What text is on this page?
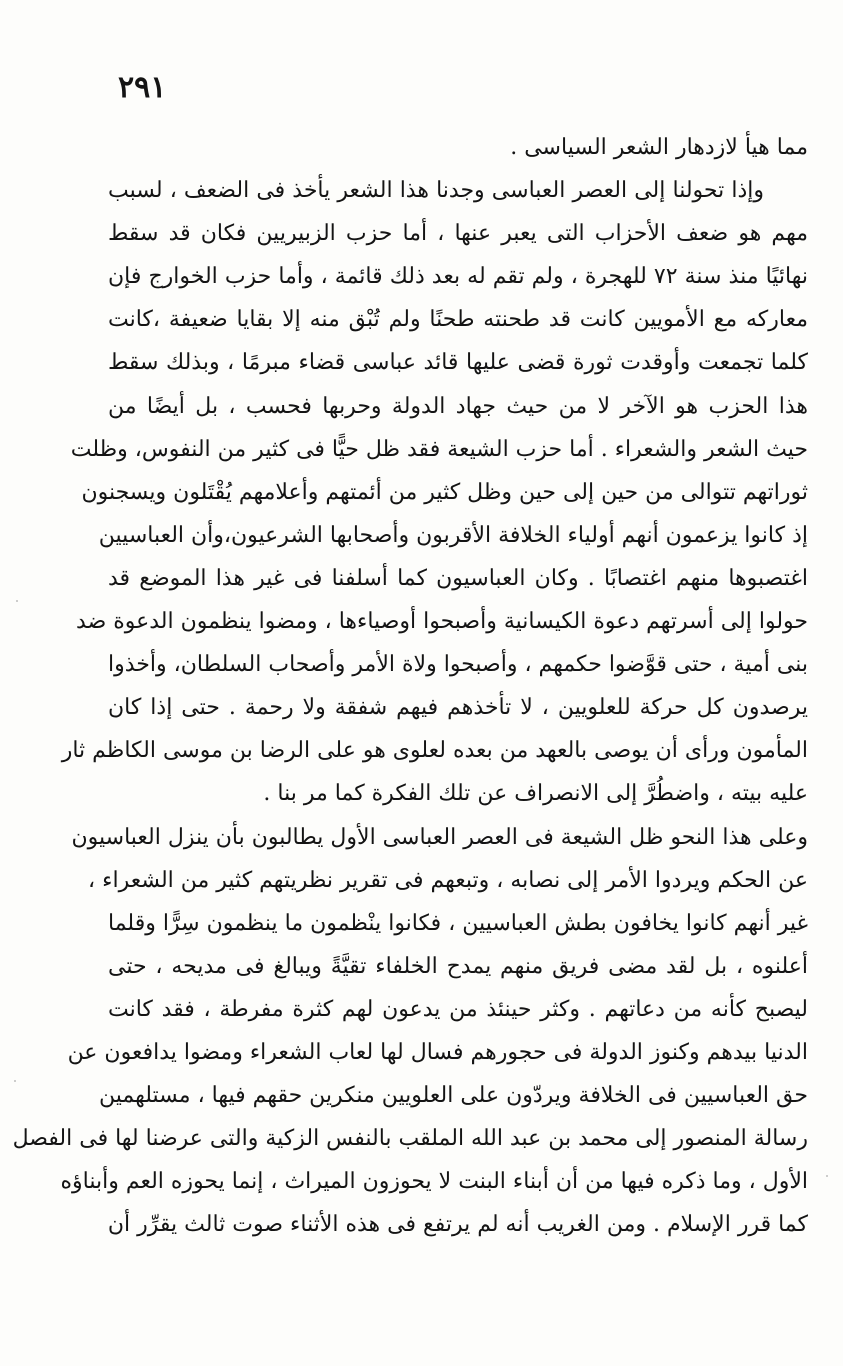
٢٩١
مما هيأ لازدهار الشعر السياسى .
وإذا تحولنا إلى العصر العباسى وجدنا هذا الشعر يأخذ فى الضعف ، لسبب
مهم هو ضعف الأحزاب التى يعبر عنها ، أما حزب الزبيريين فكان قد سقط
نهائيًا منذ سنة ٧٢ للهجرة ، ولم تقم له بعد ذلك قائمة ، وأما حزب الخوارج فإن
معاركه مع الأمويين كانت قد طحنته طحنًا ولم تُبْق منه إلا بقايا ضعيفة ،كانت
كلما تجمعت وأوقدت ثورة قضى عليها قائد عباسى قضاء مبرمًا ، وبذلك سقط
هذا الحزب هو الآخر لا من حيث جهاد الدولة وحربها فحسب ، بل أيضًا من
حيث الشعر والشعراء . أما حزب الشيعة فقد ظل حيًّا فى كثير من النفوس، وظلت
ثوراتهم تتوالى من حين إلى حين وظل كثير من أئمتهم وأعلامهم يُقْتَلون ويسجنون
إذ كانوا يزعمون أنهم أولياء الخلافة الأقربون وأصحابها الشرعيون،وأن العباسيين
اغتصبوها منهم اغتصابًا . وكان العباسيون كما أسلفنا فى غير هذا الموضع قد
حولوا إلى أسرتهم دعوة الكيسانية وأصبحوا أوصياءها ، ومضوا ينظمون الدعوة ضد
بنى أمية ، حتى قوَّضوا حكمهم ، وأصبحوا ولاة الأمر وأصحاب السلطان، وأخذوا
يرصدون كل حركة للعلويين ، لا تأخذهم فيهم شفقة ولا رحمة . حتى إذا كان
المأمون ورأى أن يوصى بالعهد من بعده لعلوى هو على الرضا بن موسى الكاظم ثار
عليه بيته ، واضطُرَّ إلى الانصراف عن تلك الفكرة كما مر بنا .
وعلى هذا النحو ظل الشيعة فى العصر العباسى الأول يطالبون بأن ينزل العباسيون
عن الحكم ويردوا الأمر إلى نصابه ، وتبعهم فى تقرير نظريتهم كثير من الشعراء ،
غير أنهم كانوا يخافون بطش العباسيين ، فكانوا ينْظمون ما ينظمون سِرًّا وقلما
أعلنوه ، بل لقد مضى فريق منهم يمدح الخلفاء تقيَّةً ويبالغ فى مديحه ، حتى
ليصبح كأنه من دعاتهم . وكثر حينئذ من يدعون لهم كثرة مفرطة ، فقد كانت
الدنيا بيدهم وكنوز الدولة فى حجورهم فسال لها لعاب الشعراء ومضوا يدافعون عن
حق العباسيين فى الخلافة ويردّون على العلويين منكرين حقهم فيها ، مستلهمين
رسالة المنصور إلى محمد بن عبد الله الملقب بالنفس الزكية والتى عرضنا لها فى الفصل
الأول ، وما ذكره فيها من أن أبناء البنت لا يحوزون الميراث ، إنما يحوزه العم وأبناؤه
كما قرر الإسلام . ومن الغريب أنه لم يرتفع فى هذه الأثناء صوت ثالث يقرِّر أن
